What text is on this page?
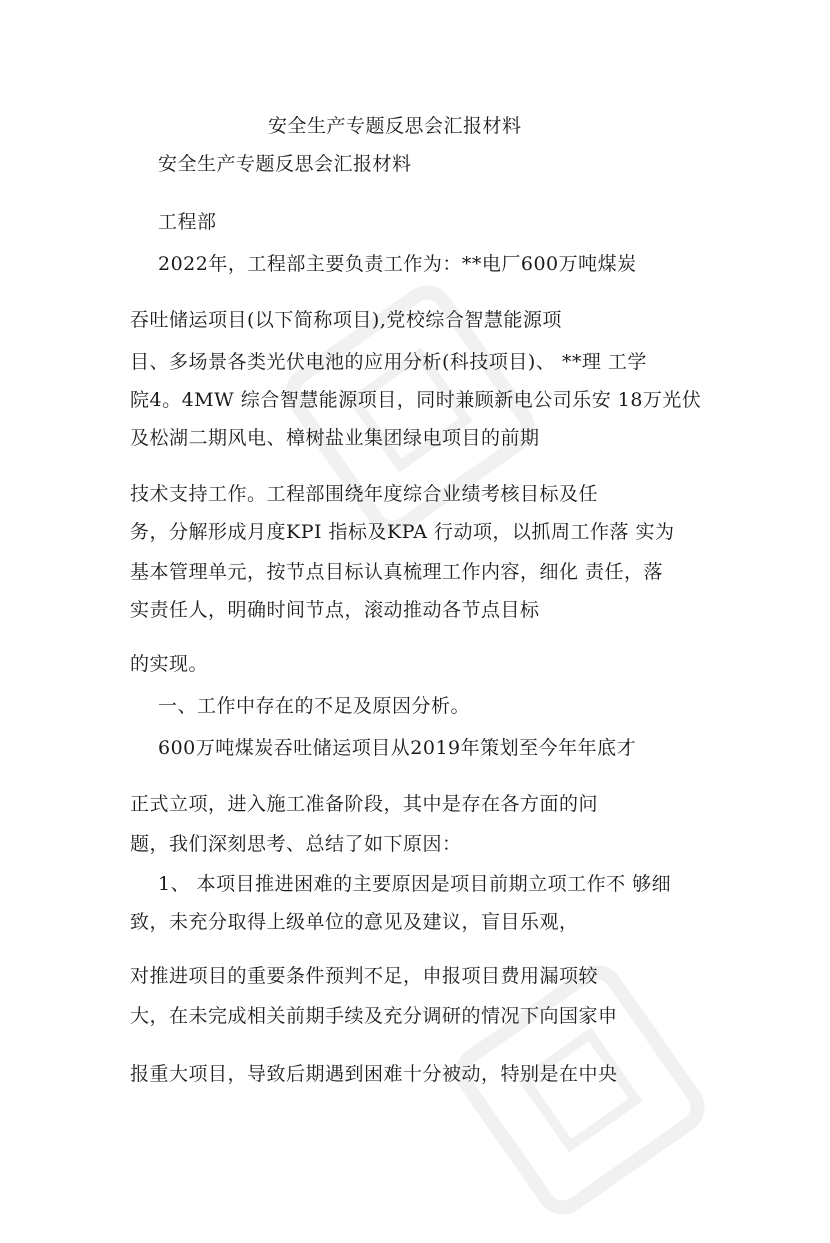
安全生产专题反思会汇报材料
安全生产专题反思会汇报材料
工程部
2022年，工程部主要负责工作为：**电厂600万吨煤炭
吞吐储运项目(以下简称项目),党校综合智慧能源项
目、多场景各类光伏电池的应用分析(科技项目)、 **理 工学
院4。4MW 综合智慧能源项目，同时兼顾新电公司乐安 18万光伏
及松湖二期风电、樟树盐业集团绿电项目的前期
技术支持工作。工程部围绕年度综合业绩考核目标及任
务，分解形成月度KPI 指标及KPA 行动项，以抓周工作落 实为
基本管理单元，按节点目标认真梳理工作内容，细化 责任，落
实责任人，明确时间节点，滚动推动各节点目标
的实现。
一、工作中存在的不足及原因分析。
600万吨煤炭吞吐储运项目从2019年策划至今年年底才
正式立项，进入施工准备阶段，其中是存在各方面的问
题，我们深刻思考、总结了如下原因：
1、 本项目推进困难的主要原因是项目前期立项工作不 够细
致，未充分取得上级单位的意见及建议，盲目乐观，
对推进项目的重要条件预判不足，申报项目费用漏项较
大，在未完成相关前期手续及充分调研的情况下向国家申
报重大项目，导致后期遇到困难十分被动，特别是在中央
